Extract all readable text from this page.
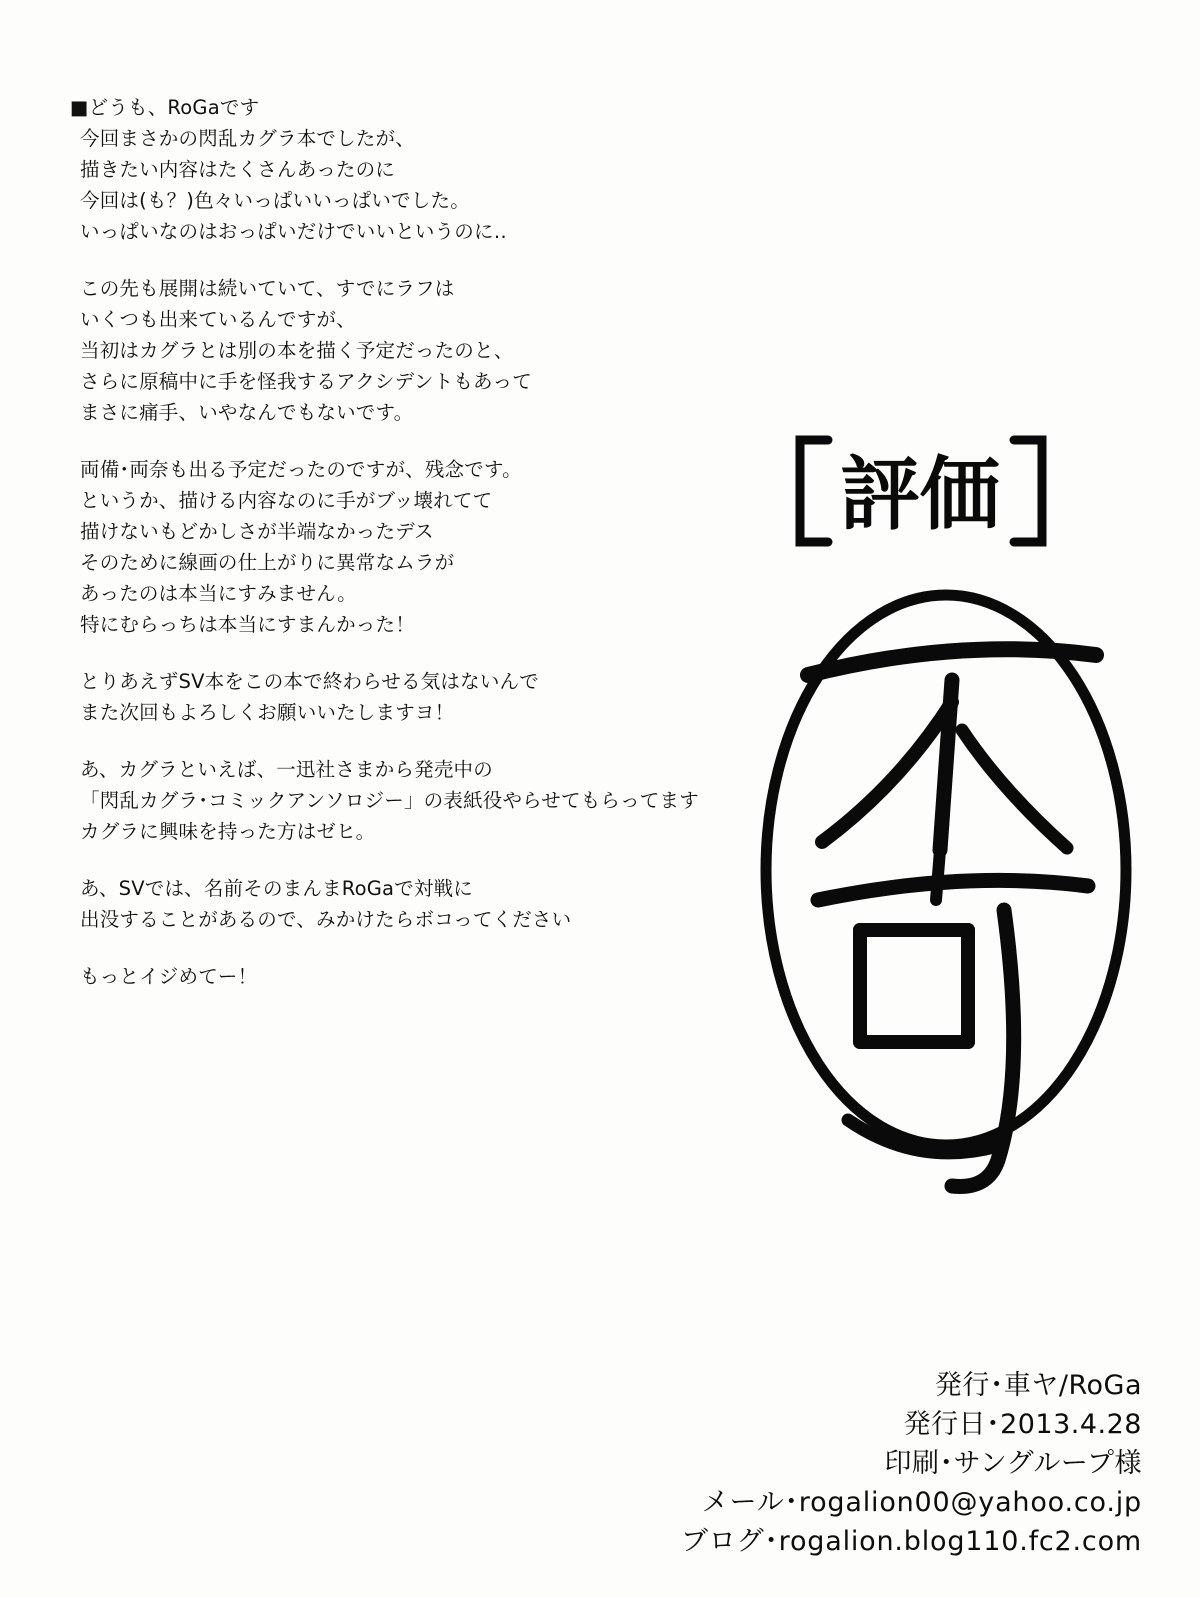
■どうも、RoGaです
今回まさかの閃乱カグラ本でしたが、
描きたい内容はたくさんあったのに
今回は(も？)色々いっぱいいっぱいでした。
いっぱいなのはおっぱいだけでいいというのに‥
この先も展開は続いていて、すでにラフは
いくつも出来ているんですが、
当初はカグラとは別の本を描く予定だったのと、
さらに原稿中に手を怪我するアクシデントもあって
まさに痛手、いやなんでもないです。
両備･両奈も出る予定だったのですが、残念です。
というか、描ける内容なのに手がブッ壊れてて
描けないもどかしさが半端なかったデス
そのために線画の仕上がりに異常なムラが
あったのは本当にすみません。
特にむらっちは本当にすまんかった！
とりあえずSV本をこの本で終わらせる気はないんで
また次回もよろしくお願いいたしますヨ！
あ、カグラといえば、一迅社さまから発売中の
「閃乱カグラ･コミックアンソロジー」の表紙役やらせてもらってます
カグラに興味を持った方はゼヒ。
あ、SVでは、名前そのまんまRoGaで対戦に
出没することがあるので、みかけたらボコってください
もっとイジめてー！
評価
発行･車ヤ/RoGa
発行日･2013.4.28
印刷･サングループ様
メール･rogalion00@yahoo.co.jp
ブログ･rogalion.blog110.fc2.com
